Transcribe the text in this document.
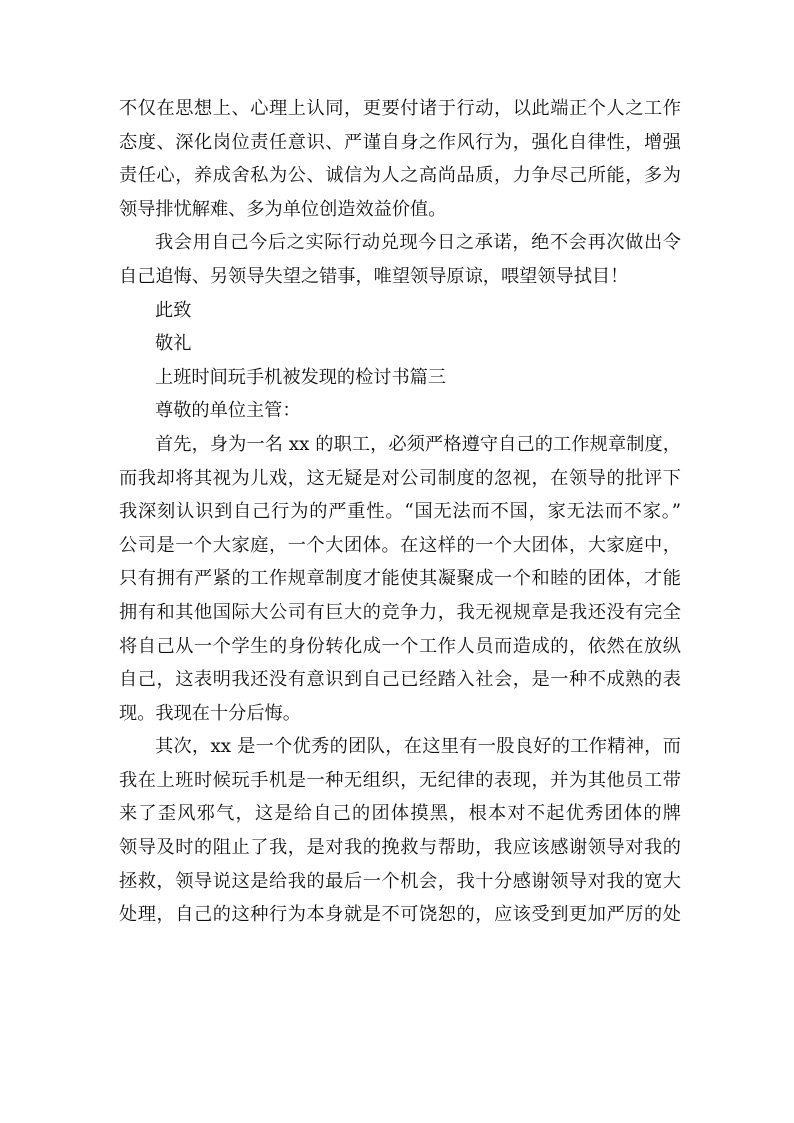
不仅在思想上、心理上认同，更要付诸于行动，以此端正个人之工作
态度、深化岗位责任意识、严谨自身之作风行为，强化自律性，增强
责任心，养成舍私为公、诚信为人之高尚品质，力争尽己所能，多为
领导排忧解难、多为单位创造效益价值。
我会用自己今后之实际行动兑现今日之承诺，绝不会再次做出令
自己追悔、另领导失望之错事，唯望领导原谅，喂望领导拭目！
此致
敬礼
上班时间玩手机被发现的检讨书篇三
尊敬的单位主管：
首先，身为一名 xx 的职工，必须严格遵守自己的工作规章制度，
而我却将其视为儿戏，这无疑是对公司制度的忽视，在领导的批评下
我深刻认识到自己行为的严重性。“国无法而不国，家无法而不家。”
公司是一个大家庭，一个大团体。在这样的一个大团体，大家庭中，
只有拥有严紧的工作规章制度才能使其凝聚成一个和睦的团体，才能
拥有和其他国际大公司有巨大的竞争力，我无视规章是我还没有完全
将自己从一个学生的身份转化成一个工作人员而造成的，依然在放纵
自己，这表明我还没有意识到自己已经踏入社会，是一种不成熟的表
现。我现在十分后悔。
其次，xx 是一个优秀的团队，在这里有一股良好的工作精神，而
我在上班时候玩手机是一种无组织，无纪律的表现，并为其他员工带
来了歪风邪气，这是给自己的团体摸黑，根本对不起优秀团体的牌
领导及时的阻止了我，是对我的挽救与帮助，我应该感谢领导对我的
拯救，领导说这是给我的最后一个机会，我十分感谢领导对我的宽大
处理，自己的这种行为本身就是不可饶恕的，应该受到更加严厉的处
